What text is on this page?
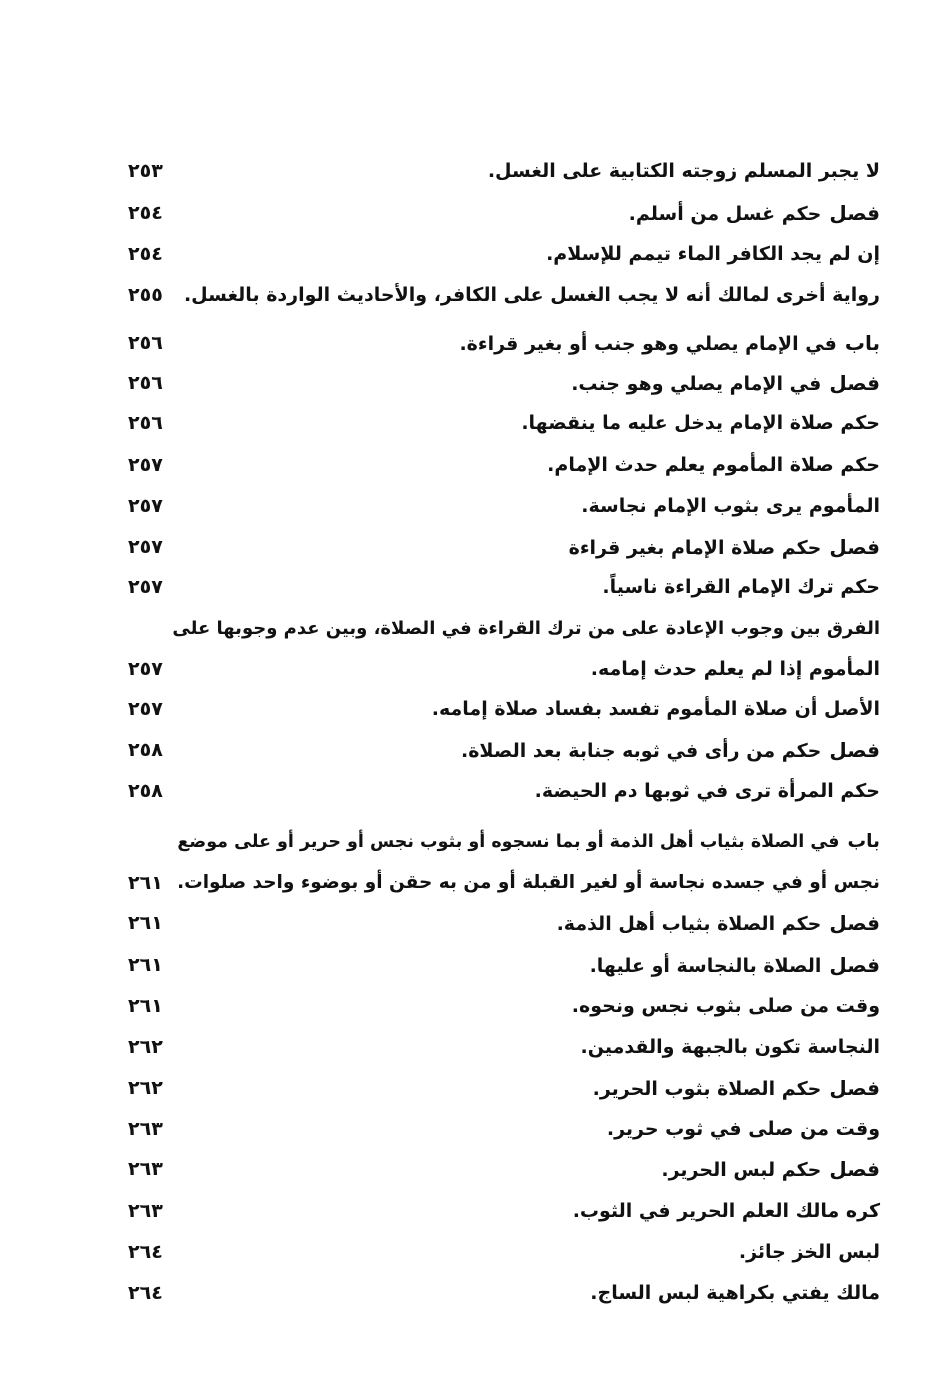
لا يجبر المسلم زوجته الكتابية على الغسل.
٢٥٣
فصلحكم غسل من أسلم.
٢٥٤
إن لم يجد الكافر الماء تيمم للإسلام.
٢٥٤
رواية أخرى لمالك أنه لا يجب الغسل على الكافر، والأحاديث الواردة بالغسل.
٢٥٥
بابفي الإمام يصلي وهو جنب أو بغير قراءة.
٢٥٦
فصلفي الإمام يصلي وهو جنب.
٢٥٦
حكم صلاة الإمام يدخل عليه ما ينقضها.
٢٥٦
حكم صلاة المأموم يعلم حدث الإمام.
٢٥٧
المأموم يرى بثوب الإمام نجاسة.
٢٥٧
فصلحكم صلاة الإمام بغير قراءة
٢٥٧
حكم ترك الإمام القراءة ناسياً.
٢٥٧
الفرق بين وجوب الإعادة على من ترك القراءة في الصلاة، وبين عدم وجوبها على
المأموم إذا لم يعلم حدث إمامه.
٢٥٧
الأصل أن صلاة المأموم تفسد بفساد صلاة إمامه.
٢٥٧
فصلحكم من رأى في ثوبه جنابة بعد الصلاة.
٢٥٨
حكم المرأة ترى في ثوبها دم الحيضة.
٢٥٨
بابفي الصلاة بثياب أهل الذمة أو بما نسجوه أو بثوب نجس أو حرير أو على موضع
نجس أو في جسده نجاسة أو لغير القبلة أو من به حقن أو بوضوء واحد صلوات.
٢٦١
فصلحكم الصلاة بثياب أهل الذمة.
٢٦١
فصلالصلاة بالنجاسة أو عليها.
٢٦١
وقت من صلى بثوب نجس ونحوه.
٢٦١
النجاسة تكون بالجبهة والقدمين.
٢٦٢
فصلحكم الصلاة بثوب الحرير.
٢٦٢
وقت من صلى في ثوب حرير.
٢٦٣
فصلحكم لبس الحرير.
٢٦٣
كره مالك العلم الحرير في الثوب.
٢٦٣
لبس الخز جائز.
٢٦٤
مالك يفتي بكراهية لبس الساج.
٢٦٤
